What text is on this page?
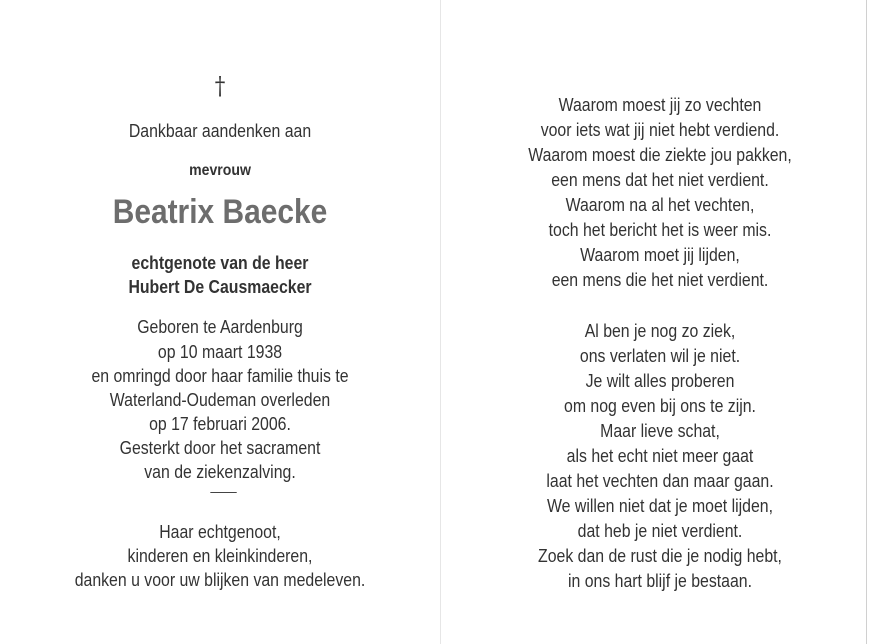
†
Dankbaar aandenken aan
mevrouw
Beatrix Baecke
echtgenote van de heer
Hubert De Causmaecker
Geboren te Aardenburg
op 10 maart 1938
en omringd door haar familie thuis te
Waterland-Oudeman overleden
op 17 februari 2006.
Gesterkt door het sacrament
van de ziekenzalving.
Haar echtgenoot,
kinderen en kleinkinderen,
danken u voor uw blijken van medeleven.
Waarom moest jij zo vechten
voor iets wat jij niet hebt verdiend.
Waarom moest die ziekte jou pakken,
een mens dat het niet verdient.
Waarom na al het vechten,
toch het bericht het is weer mis.
Waarom moet jij lijden,
een mens die het niet verdient.
Al ben je nog zo ziek,
ons verlaten wil je niet.
Je wilt alles proberen
om nog even bij ons te zijn.
Maar lieve schat,
als het echt niet meer gaat
laat het vechten dan maar gaan.
We willen niet dat je moet lijden,
dat heb je niet verdient.
Zoek dan de rust die je nodig hebt,
in ons hart blijf je bestaan.
